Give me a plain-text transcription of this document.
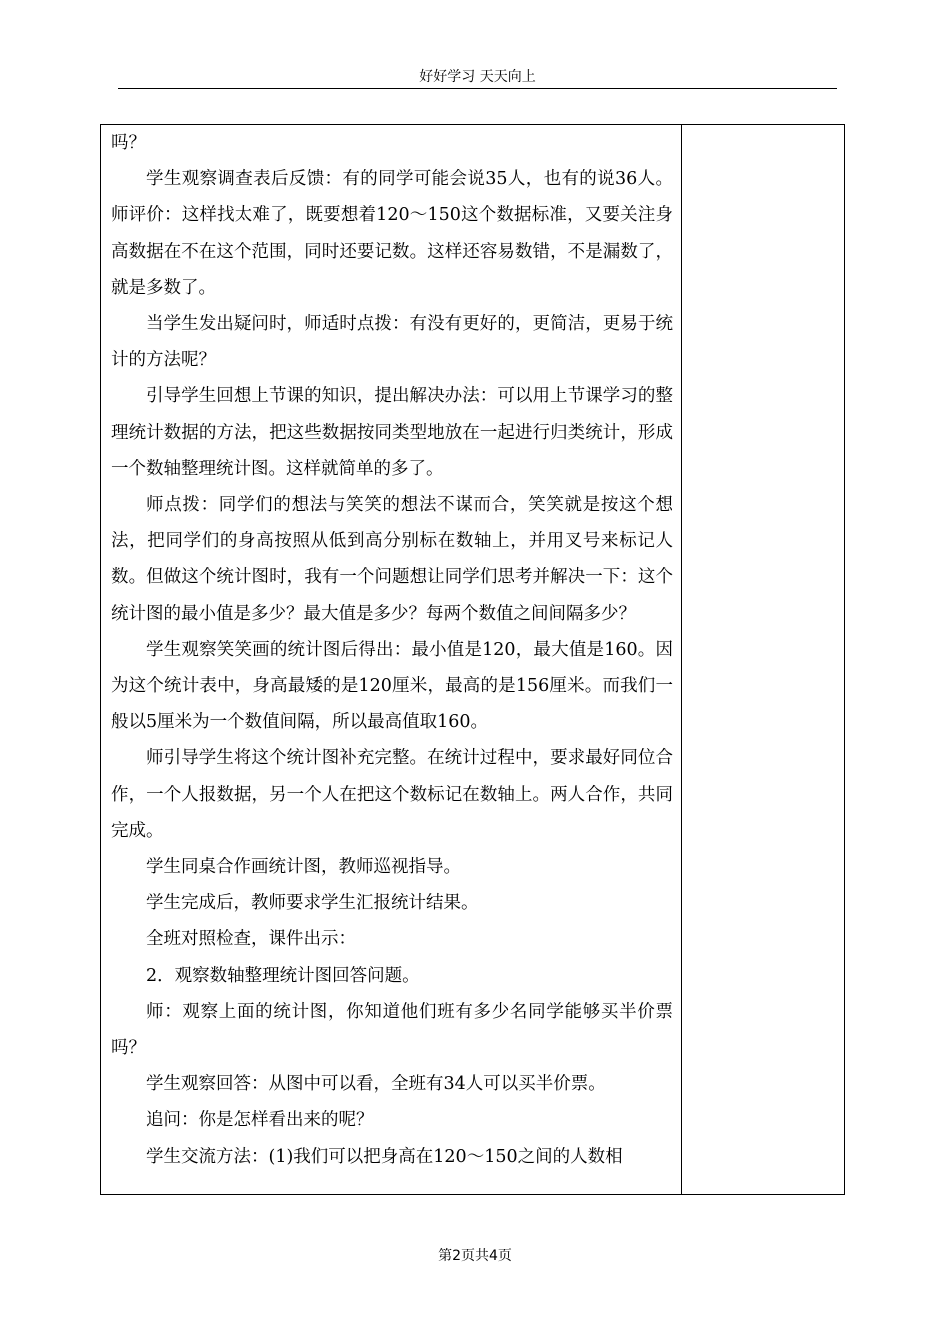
好好学习 天天向上

吗？

学生观察调查表后反馈：有的同学可能会说35人，也有的说36人。师评价：这样找太难了，既要想着120～150这个数据标准，又要关注身高数据在不在这个范围，同时还要记数。这样还容易数错，不是漏数了，就是多数了。

当学生发出疑问时，师适时点拨：有没有更好的，更简洁，更易于统计的方法呢？

引导学生回想上节课的知识，提出解决办法：可以用上节课学习的整理统计数据的方法，把这些数据按同类型地放在一起进行归类统计，形成一个数轴整理统计图。这样就简单的多了。

师点拨：同学们的想法与笑笑的想法不谋而合，笑笑就是按这个想法，把同学们的身高按照从低到高分别标在数轴上，并用叉号来标记人数。但做这个统计图时，我有一个问题想让同学们思考并解决一下：这个统计图的最小值是多少？最大值是多少？每两个数值之间间隔多少？

学生观察笑笑画的统计图后得出：最小值是120，最大值是160。因为这个统计表中，身高最矮的是120厘米，最高的是156厘米。而我们一般以5厘米为一个数值间隔，所以最高值取160。

师引导学生将这个统计图补充完整。在统计过程中，要求最好同位合作，一个人报数据，另一个人在把这个数标记在数轴上。两人合作，共同完成。

学生同桌合作画统计图，教师巡视指导。

学生完成后，教师要求学生汇报统计结果。

全班对照检查，课件出示：

2．观察数轴整理统计图回答问题。

师：观察上面的统计图，你知道他们班有多少名同学能够买半价票吗？

学生观察回答：从图中可以看，全班有34人可以买半价票。

追问：你是怎样看出来的呢？

学生交流方法：(1)我们可以把身高在120～150之间的人数相

第2页共4页
